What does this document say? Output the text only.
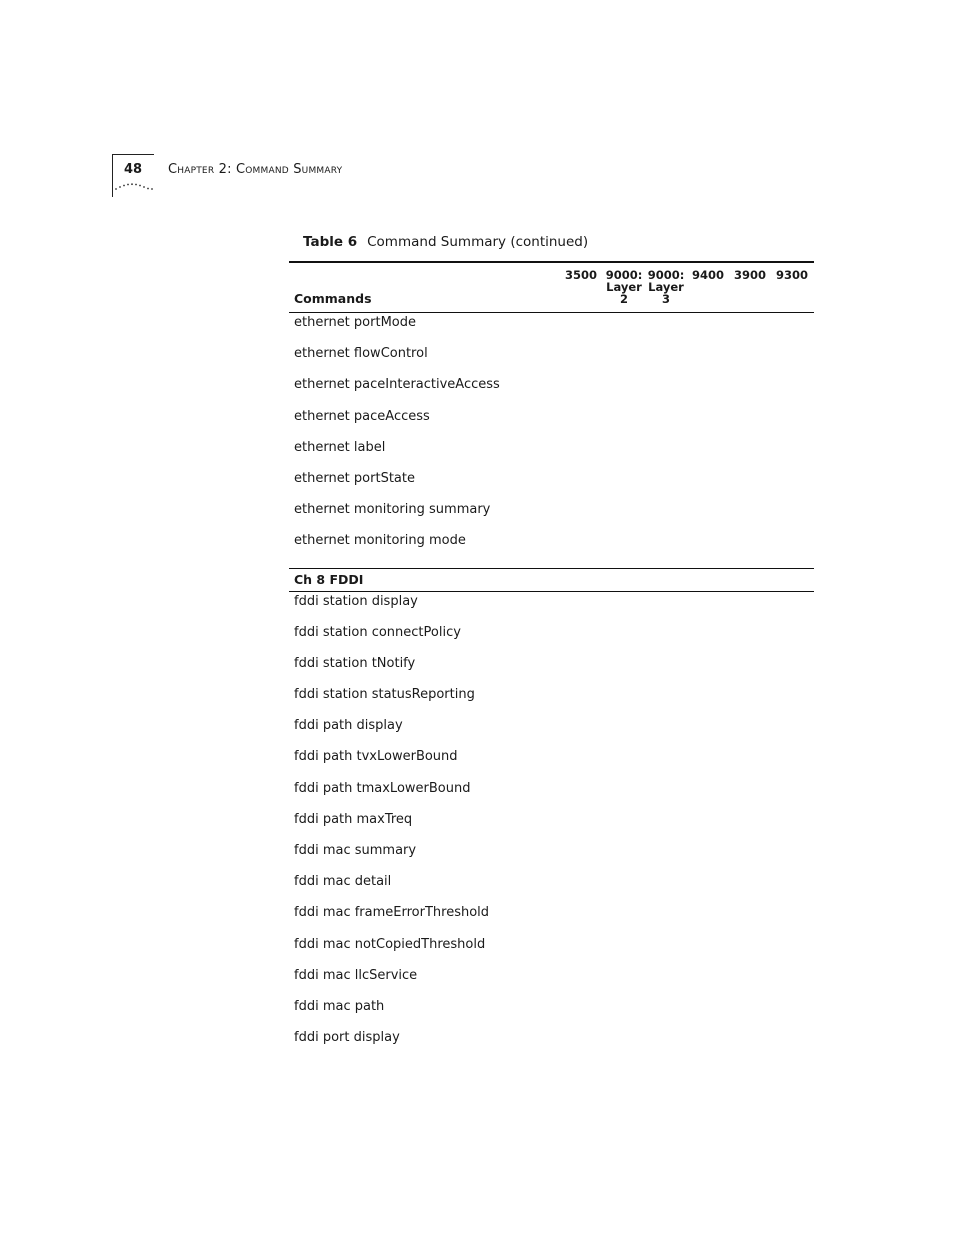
48 Chapter 2: Command Summary
Table 6 Command Summary (continued)
3500 9000:
Layer
2
9000:
Layer
3
9400 3900 9300
Commands
ethernet portMode
ethernet flowControl
ethernet paceInteractiveAccess
ethernet paceAccess
ethernet label
ethernet portState
ethernet monitoring summary
ethernet monitoring mode
Ch 8 FDDI
fddi station display
fddi station connectPolicy
fddi station tNotify
fddi station statusReporting
fddi path display
fddi path tvxLowerBound
fddi path tmaxLowerBound
fddi path maxTreq
fddi mac summary
fddi mac detail
fddi mac frameErrorThreshold
fddi mac notCopiedThreshold
fddi mac llcService
fddi mac path
fddi port display
